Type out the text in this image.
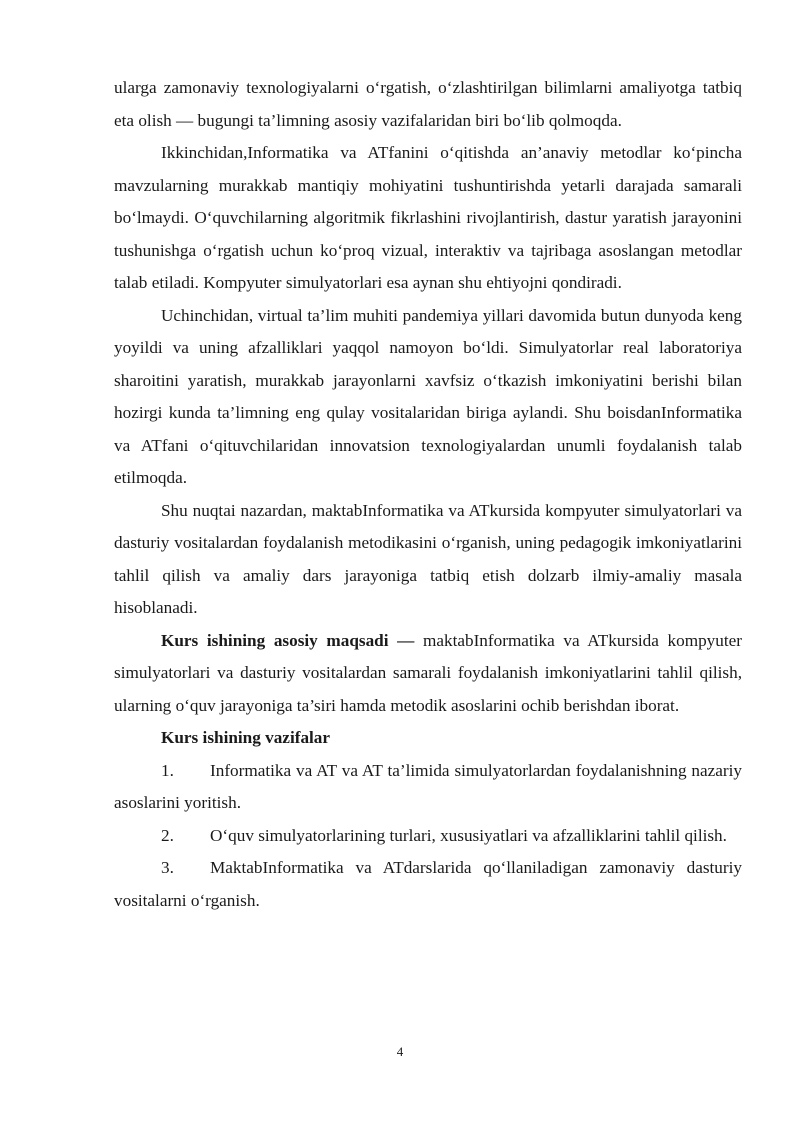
ularga zamonaviy texnologiyalarni o‘rgatish, o‘zlashtirilgan bilimlarni amaliyotga tatbiq eta olish — bugungi ta’limning asosiy vazifalaridan biri bo‘lib qolmoqda.

Ikkinchidan,Informatika va ATfanini o‘qitishda an’anaviy metodlar ko‘pincha mavzularning murakkab mantiqiy mohiyatini tushuntirishda yetarli darajada samarali bo‘lmaydi. O‘quvchilarning algoritmik fikrlashini rivojlantirish, dastur yaratish jarayonini tushunishga o‘rgatish uchun ko‘proq vizual, interaktiv va tajribaga asoslangan metodlar talab etiladi. Kompyuter simulyatorlari esa aynan shu ehtiyojni qondiradi.

Uchinchidan, virtual ta’lim muhiti pandemiya yillari davomida butun dunyoda keng yoyildi va uning afzalliklari yaqqol namoyon bo‘ldi. Simulyatorlar real laboratoriya sharoitini yaratish, murakkab jarayonlarni xavfsiz o‘tkazish imkoniyatini berishi bilan hozirgi kunda ta’limning eng qulay vositalaridan biriga aylandi. Shu boisdanInformatika va ATfani o‘qituvchilaridan innovatsion texnologiyalardan unumli foydalanish talab etilmoqda.

Shu nuqtai nazardan, maktabInformatika va ATkursida kompyuter simulyatorlari va dasturiy vositalardan foydalanish metodikasini o‘rganish, uning pedagogik imkoniyatlarini tahlil qilish va amaliy dars jarayoniga tatbiq etish dolzarb ilmiy-amaliy masala hisoblanadi.

Kurs ishining asosiy maqsadi — maktabInformatika va ATkursida kompyuter simulyatorlari va dasturiy vositalardan samarali foydalanish imkoniyatlarini tahlil qilish, ularning o‘quv jarayoniga ta’siri hamda metodik asoslarini ochib berishdan iborat.

Kurs ishining vazifalar

1. Informatika va AT va AT ta’limida simulyatorlardan foydalanishning nazariy asoslarini yoritish.

2. O‘quv simulyatorlarining turlari, xususiyatlari va afzalliklarini tahlil qilish.

3. MaktabInformatika va ATdarslarida qo‘llaniladigan zamonaviy dasturiy vositalarni o‘rganish.

4
